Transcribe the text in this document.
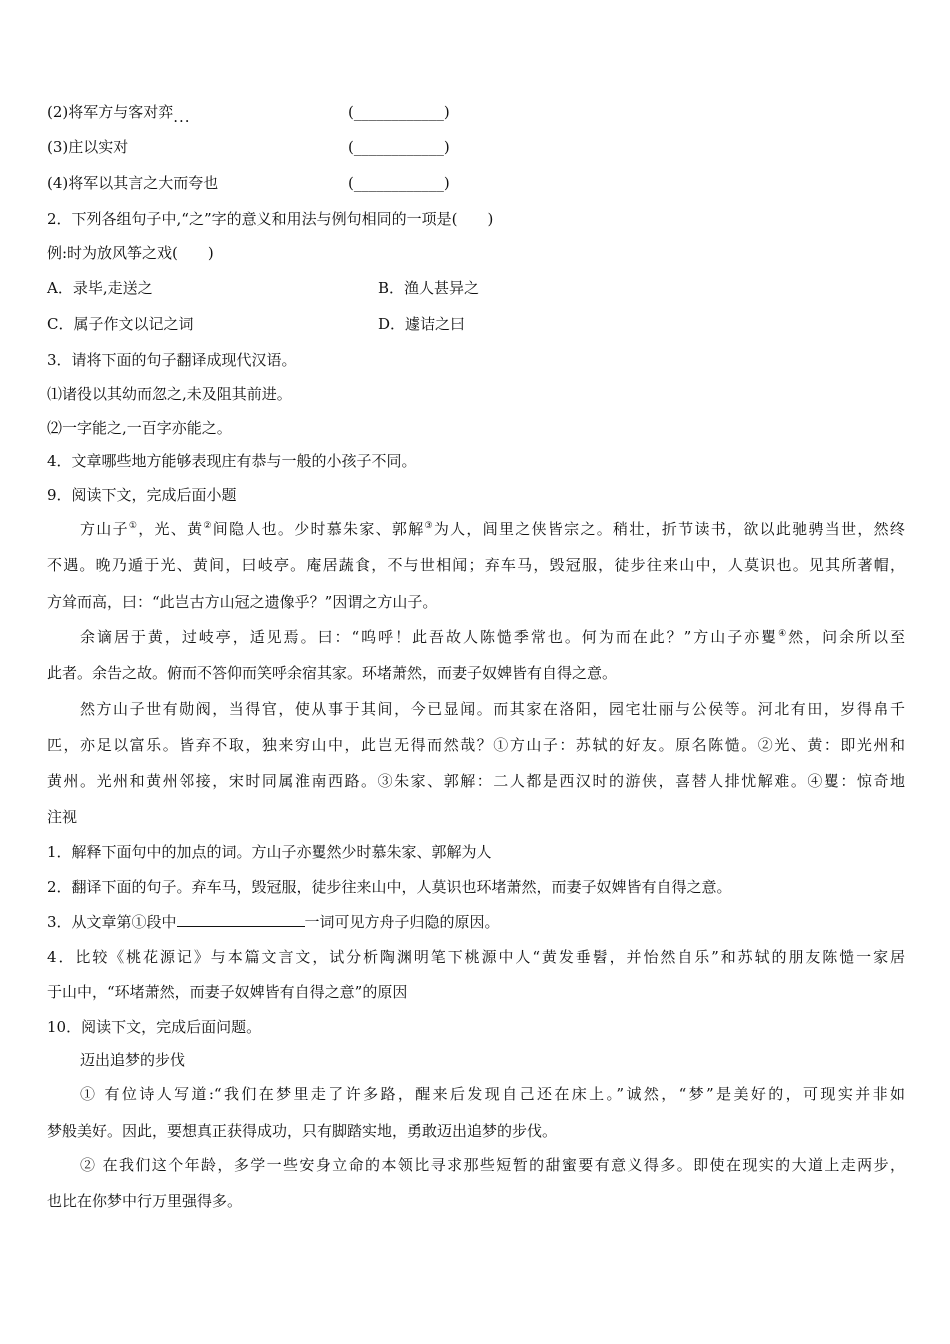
(2)将军方与客对弈...	(____________)
(3)庄以实对	(____________)
(4)将军以其言之大而夸也	(____________)
2．下列各组句子中,“之”字的意义和用法与例句相同的一项是(　　)
例:时为放风筝之戏(　　)
A．录毕,走送之	B．渔人甚异之
C．属子作文以记之词	D．遽诘之曰
3．请将下面的句子翻译成现代汉语。
⑴诸役以其幼而忽之,未及阻其前进。
⑵一字能之,一百字亦能之。
4．文章哪些地方能够表现庄有恭与一般的小孩子不同。
9．阅读下文，完成后面小题
方山子①，光、黄②间隐人也。少时慕朱家、郭解③为人，闾里之侠皆宗之。稍壮，折节读书，欲以此驰骋当世，然终
不遇。晚乃遁于光、黄间，曰岐亭。庵居蔬食，不与世相闻；弃车马，毁冠服，徒步往来山中，人莫识也。见其所著帽，
方耸而高，曰：“此岂古方山冠之遗像乎？”因谓之方山子。
余谪居于黄，过岐亭，适见焉。曰：“呜呼！此吾故人陈慥季常也。何为而在此？”方山子亦矍④然，问余所以至
此者。余告之故。俯而不答仰而笑呼余宿其家。环堵萧然，而妻子奴婢皆有自得之意。
然方山子世有勋阀，当得官，使从事于其间，今已显闻。而其家在洛阳，园宅壮丽与公侯等。河北有田，岁得帛千
匹，亦足以富乐。皆弃不取，独来穷山中，此岂无得而然哉？①方山子：苏轼的好友。原名陈慥。②光、黄：即光州和
黄州。光州和黄州邻接，宋时同属淮南西路。③朱家、郭解：二人都是西汉时的游侠，喜替人排忧解难。④矍：惊奇地
注视
1．解释下面句中的加点的词。方山子亦矍然少时慕朱家、郭解为人
2．翻译下面的句子。弃车马，毁冠服，徒步往来山中，人莫识也环堵萧然，而妻子奴婢皆有自得之意。
3．从文章第①段中	一词可见方舟子归隐的原因。
4．比较《桃花源记》与本篇文言文，试分析陶渊明笔下桃源中人“黄发垂髫，并怡然自乐”和苏轼的朋友陈慥一家居
于山中，“环堵萧然，而妻子奴婢皆有自得之意”的原因
10．阅读下文，完成后面问题。
迈出追梦的步伐
① 有位诗人写道:“我们在梦里走了许多路，醒来后发现自己还在床上。”诚然，“梦”是美好的，可现实并非如
梦般美好。因此，要想真正获得成功，只有脚踏实地，勇敢迈出追梦的步伐。
② 在我们这个年龄，多学一些安身立命的本领比寻求那些短暂的甜蜜要有意义得多。即使在现实的大道上走两步，
也比在你梦中行万里强得多。
